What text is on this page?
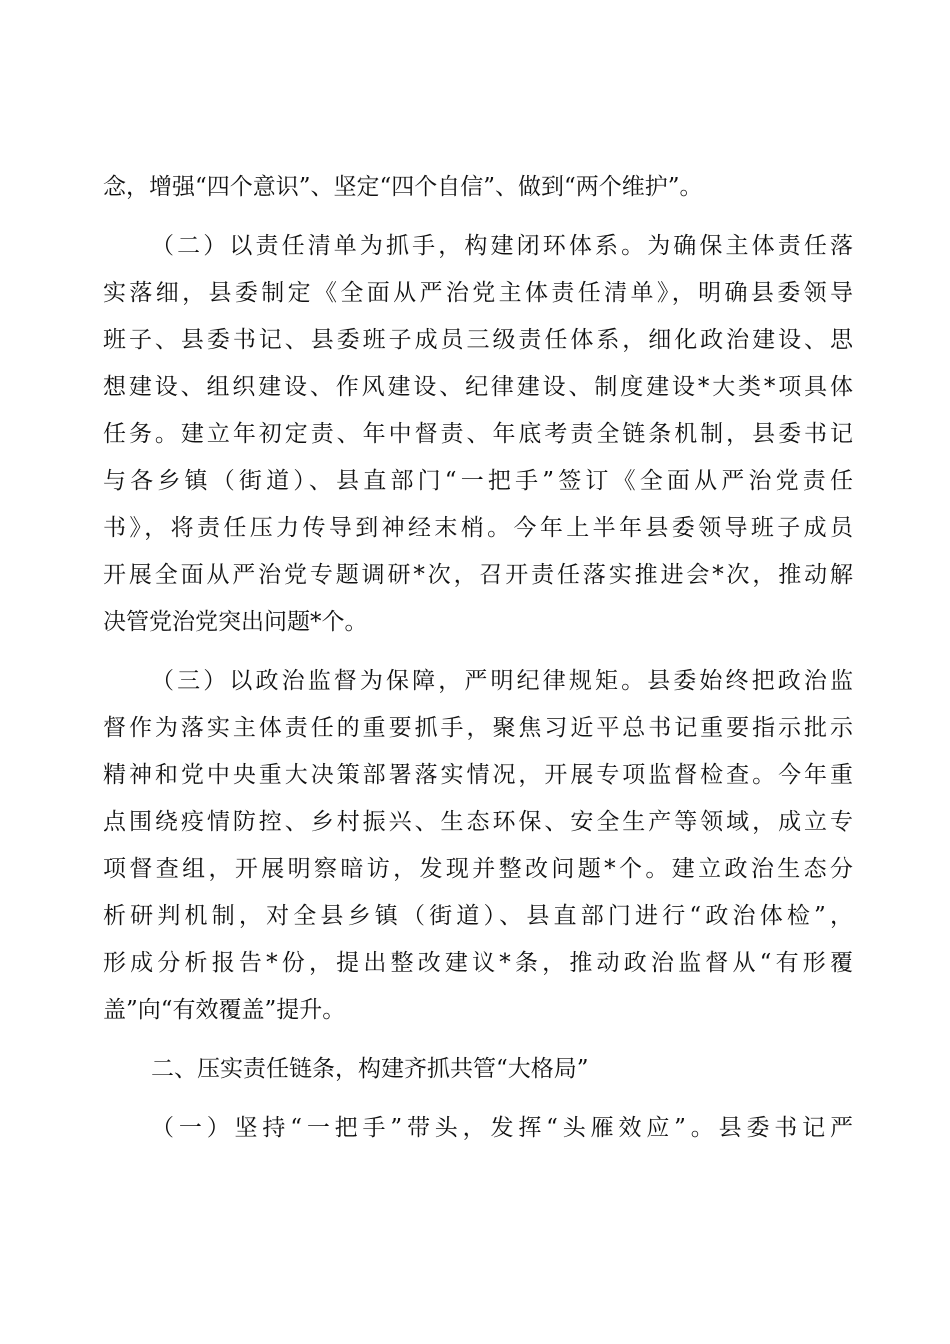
念，增强“四个意识”、坚定“四个自信”、做到“两个维护”。
（二）以责任清单为抓手，构建闭环体系。为确保主体责任落
实落细，县委制定《全面从严治党主体责任清单》，明确县委领导
班子、县委书记、县委班子成员三级责任体系，细化政治建设、思
想建设、组织建设、作风建设、纪律建设、制度建设*大类*项具体
任务。建立年初定责、年中督责、年底考责全链条机制，县委书记
与各乡镇（街道）、县直部门“一把手”签订《全面从严治党责任
书》，将责任压力传导到神经末梢。今年上半年县委领导班子成员
开展全面从严治党专题调研*次，召开责任落实推进会*次，推动解
决管党治党突出问题*个。
（三）以政治监督为保障，严明纪律规矩。县委始终把政治监
督作为落实主体责任的重要抓手，聚焦习近平总书记重要指示批示
精神和党中央重大决策部署落实情况，开展专项监督检查。今年重
点围绕疫情防控、乡村振兴、生态环保、安全生产等领域，成立专
项督查组，开展明察暗访，发现并整改问题*个。建立政治生态分
析研判机制，对全县乡镇（街道）、县直部门进行“政治体检”，
形成分析报告*份，提出整改建议*条，推动政治监督从“有形覆
盖”向“有效覆盖”提升。
二、压实责任链条，构建齐抓共管“大格局”
（一）坚持“一把手”带头，发挥“头雁效应”。县委书记严
